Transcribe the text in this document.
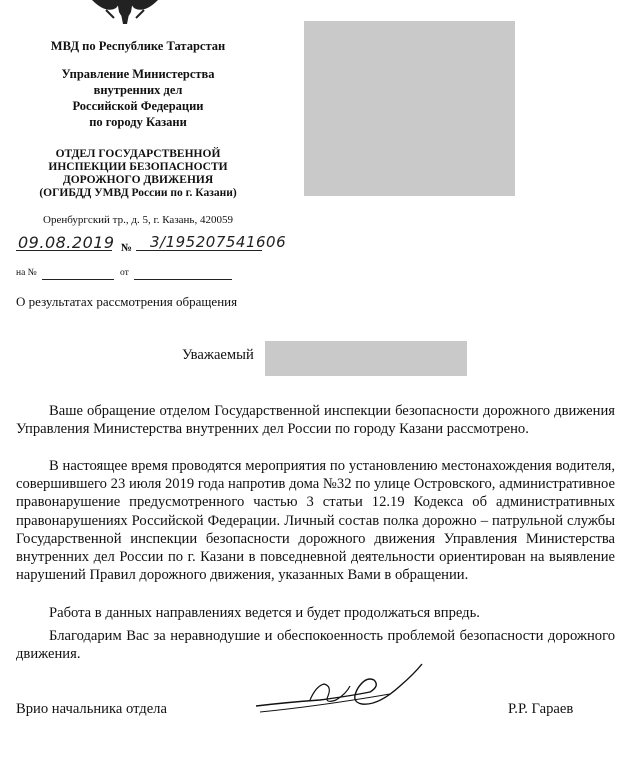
МВД по Республике Татарстан
Управление Министерства
внутренних дел
Российской Федерации
по городу Казани
ОТДЕЛ ГОСУДАРСТВЕННОЙ
ИНСПЕКЦИИ БЕЗОПАСНОСТИ
ДОРОЖНОГО ДВИЖЕНИЯ
(ОГИБДД УМВД России по г. Казани)
Оренбургский тр., д. 5, г. Казань, 420059
09.08.2019 № 3/195207541606
на №	от
О результатах рассмотрения обращения
Уважаемый
Ваше обращение отделом Государственной инспекции безопасности дорожного движения Управления Министерства внутренних дел России по городу Казани рассмотрено.
В настоящее время проводятся мероприятия по установлению местонахождения водителя, совершившего 23 июля 2019 года напротив дома №32 по улице Островского, административное правонарушение предусмотренного частью 3 статьи 12.19 Кодекса об административных правонарушениях Российской Федерации. Личный состав полка дорожно – патрульной службы Государственной инспекции безопасности дорожного движения Управления Министерства внутренних дел России по г. Казани в повседневной деятельности ориентирован на выявление нарушений Правил дорожного движения, указанных Вами в обращении.
Работа в данных направлениях ведется и будет продолжаться впредь.
Благодарим Вас за неравнодушие и обеспокоенность проблемой безопасности дорожного движения.
Врио начальника отдела	Р.Р. Гараев
